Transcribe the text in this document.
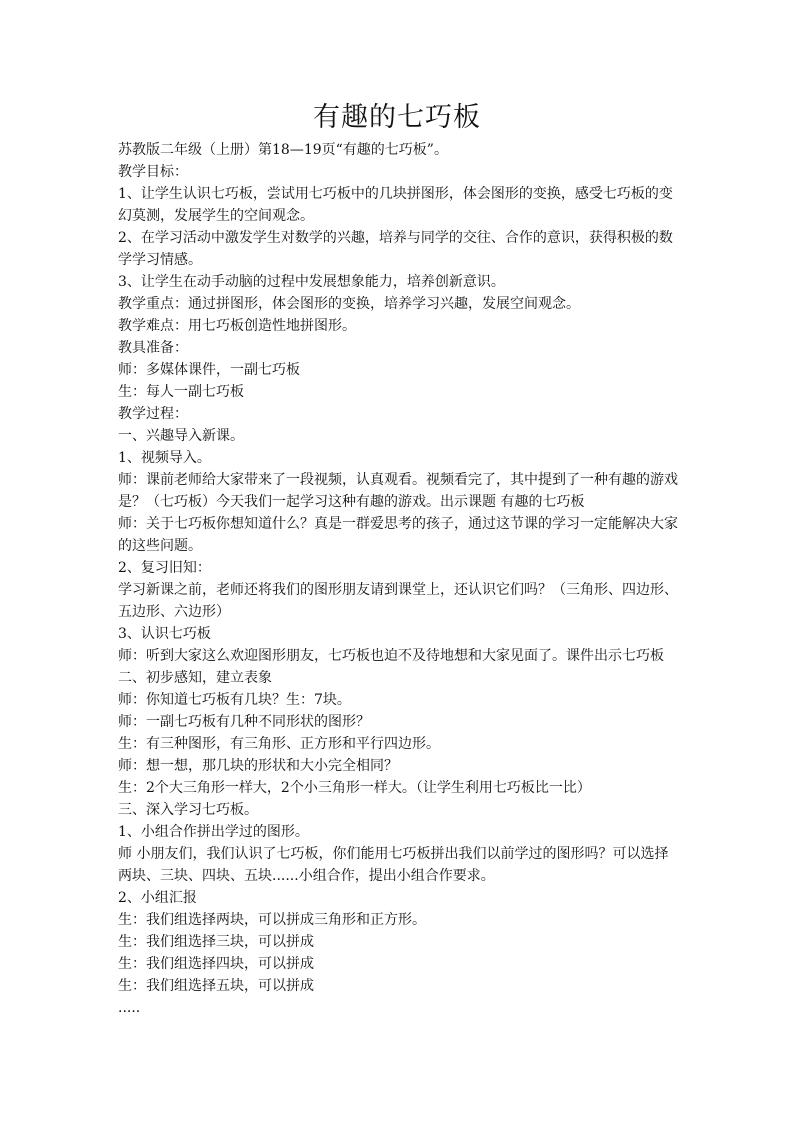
有趣的七巧板

苏教版二年级（上册）第18—19页“有趣的七巧板”。

教学目标：

1、让学生认识七巧板，尝试用七巧板中的几块拼图形，体会图形的变换，感受七巧板的变幻莫测，发展学生的空间观念。

2、在学习活动中激发学生对数学的兴趣，培养与同学的交往、合作的意识，获得积极的数学学习情感。

3、让学生在动手动脑的过程中发展想象能力，培养创新意识。

教学重点：通过拼图形，体会图形的变换，培养学习兴趣，发展空间观念。

教学难点：用七巧板创造性地拼图形。

教具准备：

师：多媒体课件，一副七巧板

生：每人一副七巧板

教学过程：

一、兴趣导入新课。

1、视频导入。

师：课前老师给大家带来了一段视频，认真观看。视频看完了，其中提到了一种有趣的游戏是？（七巧板）今天我们一起学习这种有趣的游戏。出示课题 有趣的七巧板

师：关于七巧板你想知道什么？真是一群爱思考的孩子，通过这节课的学习一定能解决大家的这些问题。

2、复习旧知：

学习新课之前，老师还将我们的图形朋友请到课堂上，还认识它们吗？（三角形、四边形、五边形、六边形）

3、认识七巧板

师：听到大家这么欢迎图形朋友，七巧板也迫不及待地想和大家见面了。课件出示七巧板

二、初步感知，建立表象

师：你知道七巧板有几块？生：7块。

师：一副七巧板有几种不同形状的图形？

生：有三种图形，有三角形、正方形和平行四边形。

师：想一想，那几块的形状和大小完全相同？

生：2个大三角形一样大，2个小三角形一样大。（让学生利用七巧板比一比）

三、深入学习七巧板。

1、小组合作拼出学过的图形。

师 小朋友们，我们认识了七巧板，你们能用七巧板拼出我们以前学过的图形吗？可以选择两块、三块、四块、五块......小组合作，提出小组合作要求。

2、小组汇报

生：我们组选择两块，可以拼成三角形和正方形。

生：我们组选择三块，可以拼成

生：我们组选择四块，可以拼成

生：我们组选择五块，可以拼成

.....
